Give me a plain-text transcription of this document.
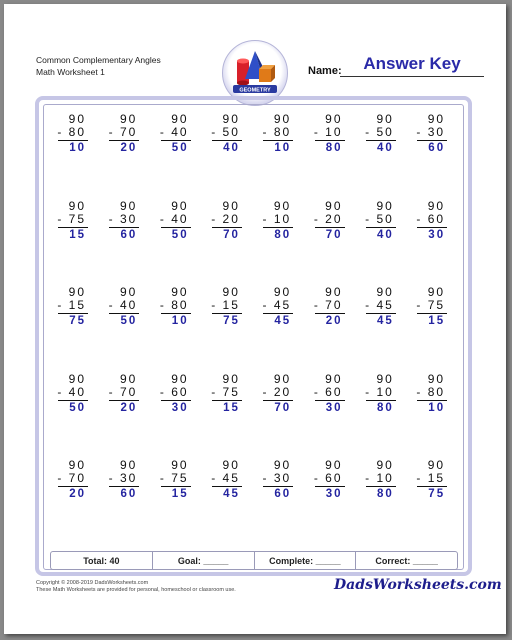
Common Complementary Angles
Math Worksheet 1
GEOMETRY
Name:	Answer Key
90
- 80
10
90
- 70
20
90
- 40
50
90
- 50
40
90
- 80
10
90
- 10
80
90
- 50
40
90
- 30
60
90
- 75
15
90
- 30
60
90
- 40
50
90
- 20
70
90
- 10
80
90
- 20
70
90
- 50
40
90
- 60
30
90
- 15
75
90
- 40
50
90
- 80
10
90
- 15
75
90
- 45
45
90
- 70
20
90
- 45
45
90
- 75
15
90
- 40
50
90
- 70
20
90
- 60
30
90
- 75
15
90
- 20
70
90
- 60
30
90
- 10
80
90
- 80
10
90
- 70
20
90
- 30
60
90
- 75
15
90
- 45
45
90
- 30
60
90
- 60
30
90
- 10
80
90
- 15
75
Total: 40	Goal: _____	Complete: _____	Correct: _____
Copyright © 2008-2019 DadsWorksheets.com
These Math Worksheets are provided for personal, homeschool or classroom use.	DadsWorksheets.com
